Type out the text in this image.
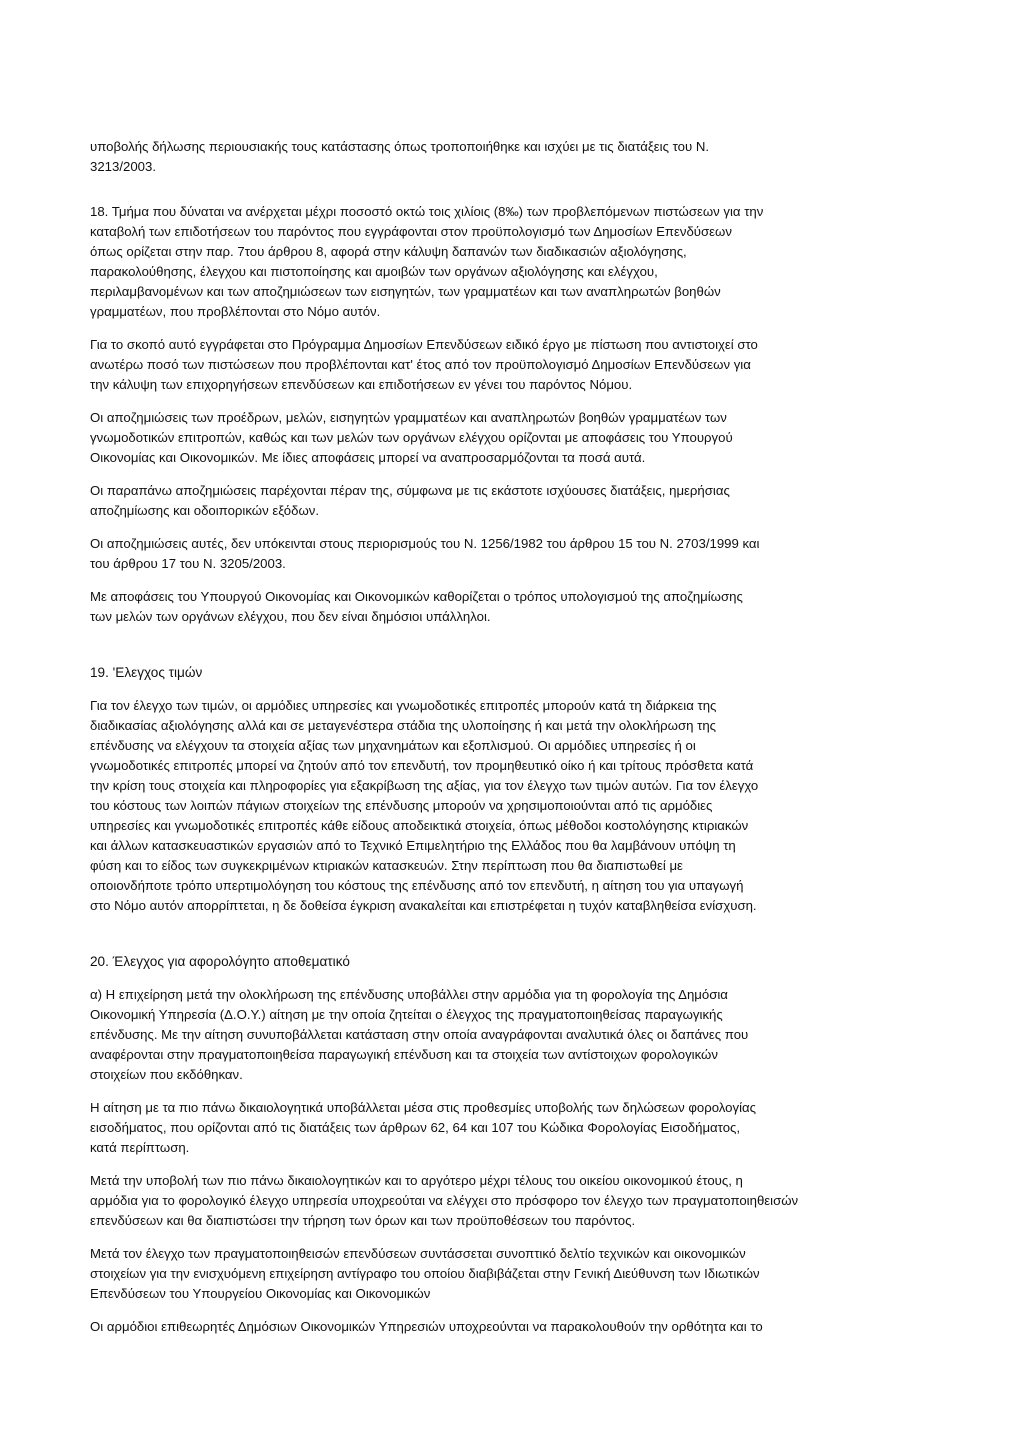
υποβολής δήλωσης περιουσιακής τους κατάστασης όπως τροποποιήθηκε και ισχύει με τις διατάξεις του Ν.
3213/2003.
18. Τμήμα που δύναται να ανέρχεται μέχρι ποσοστό οκτώ τοις χιλίοις (8‰) των προβλεπόμενων πιστώσεων για την
καταβολή των επιδοτήσεων του παρόντος που εγγράφονται στον προϋπολογισμό των Δημοσίων Επενδύσεων
όπως ορίζεται στην παρ. 7του άρθρου 8, αφορά στην κάλυψη δαπανών των διαδικασιών αξιολόγησης,
παρακολούθησης, έλεγχου και πιστοποίησης και αμοιβών των οργάνων αξιολόγησης και ελέγχου,
περιλαμβανομένων και των αποζημιώσεων των εισηγητών, των γραμματέων και των αναπληρωτών βοηθών
γραμματέων, που προβλέπονται στο Νόμο αυτόν.
Για το σκοπό αυτό εγγράφεται στο Πρόγραμμα Δημοσίων Επενδύσεων ειδικό έργο με πίστωση που αντιστοιχεί στο
ανωτέρω ποσό των πιστώσεων που προβλέπονται κατ' έτος από τον προϋπολογισμό Δημοσίων Επενδύσεων για
την κάλυψη των επιχορηγήσεων επενδύσεων και επιδοτήσεων εν γένει του παρόντος Νόμου.
Οι αποζημιώσεις των προέδρων, μελών, εισηγητών γραμματέων και αναπληρωτών βοηθών γραμματέων των
γνωμοδοτικών επιτροπών, καθώς και των μελών των οργάνων ελέγχου ορίζονται με αποφάσεις του Υπουργού
Οικονομίας και Οικονομικών. Με ίδιες αποφάσεις μπορεί να αναπροσαρμόζονται τα ποσά αυτά.
Οι παραπάνω αποζημιώσεις παρέχονται πέραν της, σύμφωνα με τις εκάστοτε ισχύουσες διατάξεις, ημερήσιας
αποζημίωσης και οδοιπορικών εξόδων.
Οι αποζημιώσεις αυτές, δεν υπόκεινται στους περιορισμούς του Ν. 1256/1982 του άρθρου 15 του Ν. 2703/1999 και
του άρθρου 17 του Ν. 3205/2003.
Με αποφάσεις του Υπουργού Οικονομίας και Οικονομικών καθορίζεται ο τρόπος υπολογισμού της αποζημίωσης
των μελών των οργάνων ελέγχου, που δεν είναι δημόσιοι υπάλληλοι.
19. 'Ελεγχος τιμών
Για τον έλεγχο των τιμών, οι αρμόδιες υπηρεσίες και γνωμοδοτικές επιτροπές μπορούν κατά τη διάρκεια της
διαδικασίας αξιολόγησης αλλά και σε μεταγενέστερα στάδια της υλοποίησης ή και μετά την ολοκλήρωση της
επένδυσης να ελέγχουν τα στοιχεία αξίας των μηχανημάτων και εξοπλισμού. Οι αρμόδιες υπηρεσίες ή οι
γνωμοδοτικές επιτροπές μπορεί να ζητούν από τον επενδυτή, τον προμηθευτικό οίκο ή και τρίτους πρόσθετα κατά
την κρίση τους στοιχεία και πληροφορίες για εξακρίβωση της αξίας, για τον έλεγχο των τιμών αυτών. Για τον έλεγχο
του κόστους των λοιπών πάγιων στοιχείων της επένδυσης μπορούν να χρησιμοποιούνται από τις αρμόδιες
υπηρεσίες και γνωμοδοτικές επιτροπές κάθε είδους αποδεικτικά στοιχεία, όπως μέθοδοι κοστολόγησης κτιριακών
και άλλων κατασκευαστικών εργασιών από το Τεχνικό Επιμελητήριο της Ελλάδος που θα λαμβάνουν υπόψη τη
φύση και το είδος των συγκεκριμένων κτιριακών κατασκευών. Στην περίπτωση που θα διαπιστωθεί με
οποιονδήποτε τρόπο υπερτιμολόγηση του κόστους της επένδυσης από τον επενδυτή, η αίτηση του για υπαγωγή
στο Νόμο αυτόν απορρίπτεται, η δε δοθείσα έγκριση ανακαλείται και επιστρέφεται η τυχόν καταβληθείσα ενίσχυση.
20. Έλεγχος για αφορολόγητο αποθεματικό
α) Η επιχείρηση μετά την ολοκλήρωση της επένδυσης υποβάλλει στην αρμόδια για τη φορολογία της Δημόσια
Οικονομική Υπηρεσία (Δ.Ο.Υ.) αίτηση με την οποία ζητείται ο έλεγχος της πραγματοποιηθείσας παραγωγικής
επένδυσης. Με την αίτηση συνυποβάλλεται κατάσταση στην οποία αναγράφονται αναλυτικά όλες οι δαπάνες που
αναφέρονται στην πραγματοποιηθείσα παραγωγική επένδυση και τα στοιχεία των αντίστοιχων φορολογικών
στοιχείων που εκδόθηκαν.
Η αίτηση με τα πιο πάνω δικαιολογητικά υποβάλλεται μέσα στις προθεσμίες υποβολής των δηλώσεων φορολογίας
εισοδήματος, που ορίζονται από τις διατάξεις των άρθρων 62, 64 και 107 του Κώδικα Φορολογίας Εισοδήματος,
κατά περίπτωση.
Μετά την υποβολή των πιο πάνω δικαιολογητικών και το αργότερο μέχρι τέλους του οικείου οικονομικού έτους, η
αρμόδια για το φορολογικό έλεγχο υπηρεσία υποχρεούται να ελέγχει στο πρόσφορο τον έλεγχο των πραγματοποιηθεισών
επενδύσεων και θα διαπιστώσει την τήρηση των όρων και των προϋποθέσεων του παρόντος.
Μετά τον έλεγχο των πραγματοποιηθεισών επενδύσεων συντάσσεται συνοπτικό δελτίο τεχνικών και οικονομικών
στοιχείων για την ενισχυόμενη επιχείρηση αντίγραφο του οποίου διαβιβάζεται στην Γενική Διεύθυνση των Ιδιωτικών
Επενδύσεων του Υπουργείου Οικονομίας και Οικονομικών
Οι αρμόδιοι επιθεωρητές Δημόσιων Οικονομικών Υπηρεσιών υποχρεούνται να παρακολουθούν την ορθότητα και το
